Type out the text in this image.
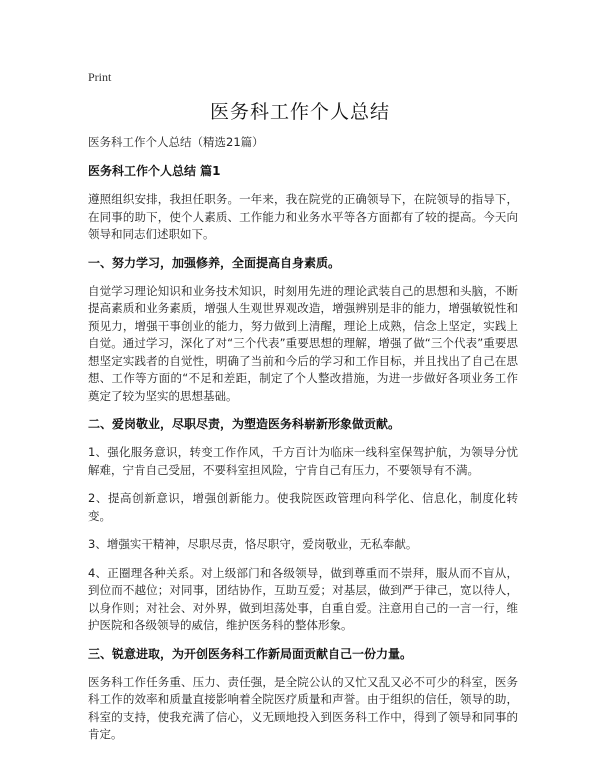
Print
医务科工作个人总结

医务科工作个人总结（精选21篇）

医务科工作个人总结 篇1

遵照组织安排，我担任职务。一年来，我在院党的正确领导下，在院领导的指导下，在同事的助下，使个人素质、工作能力和业务水平等各方面都有了较的提高。今天向领导和同志们述职如下。

一、努力学习，加强修养，全面提高自身素质。

自觉学习理论知识和业务技术知识，时刻用先进的理论武装自己的思想和头脑，不断提高素质和业务素质，增强人生观世界观改造，增强辨别是非的能力，增强敏锐性和预见力，增强干事创业的能力，努力做到上清醒，理论上成熟，信念上坚定，实践上自觉。通过学习，深化了对“三个代表”重要思想的理解，增强了做“三个代表”重要思想坚定实践者的自觉性，明确了当前和今后的学习和工作目标，并且找出了自己在思想、工作等方面的“不足和差距，制定了个人整改措施，为进一步做好各项业务工作奠定了较为坚实的思想基础。

二、爱岗敬业，尽职尽责，为塑造医务科崭新形象做贡献。

1、强化服务意识，转变工作作风，千方百计为临床一线科室保驾护航，为领导分忧解难，宁肯自己受屈，不要科室担风险，宁肯自己有压力，不要领导有不满。

2、提高创新意识，增强创新能力。使我院医政管理向科学化、信息化，制度化转变。

3、增强实干精神，尽职尽责，恪尽职守，爱岗敬业，无私奉献。

4、正圈理各种关系。对上级部门和各级领导，做到尊重而不崇拜，服从而不盲从，到位而不越位；对同事，团结协作，互助互爱；对基层，做到严于律己，宽以待人，以身作则；对社会、对外界，做到坦荡处事，自重自爱。注意用自己的一言一行，维护医院和各级领导的威信，维护医务科的整体形象。

三、锐意进取，为开创医务科工作新局面贡献自己一份力量。

医务科工作任务重、压力、责任强，是全院公认的又忙又乱又必不可少的科室，医务科工作的效率和质量直接影响着全院医疗质量和声誉。由于组织的信任，领导的助，科室的支持，使我充满了信心，义无顾地投入到医务科工作中，得到了领导和同事的肯定。
